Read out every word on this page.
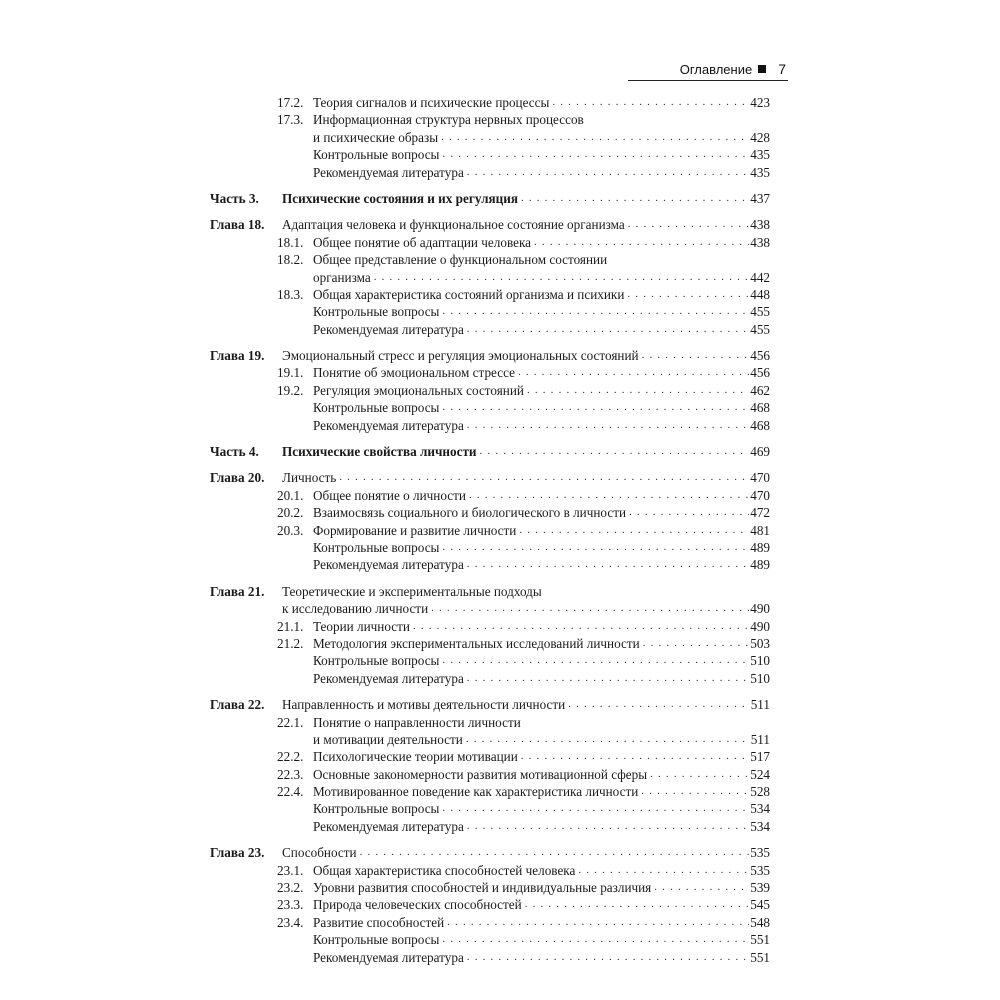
Оглавление 7
17.2. Теория сигналов и психические процессы . . .	423
17.3. Информационная структура нервных процессов
и психические образы . . .	428
Контрольные вопросы . . .	435
Рекомендуемая литература . . .	435
Часть 3. Психические состояния и их регуляция . . .	437
Глава 18. Адаптация человека и функциональное состояние организма . . .	438
18.1. Общее понятие об адаптации человека . . .	438
18.2. Общее представление о функциональном состоянии
организма . . .	442
18.3. Общая характеристика состояний организма и психики . . .	448
Контрольные вопросы . . .	455
Рекомендуемая литература . . .	455
Глава 19. Эмоциональный стресс и регуляция эмоциональных состояний . . .	456
19.1. Понятие об эмоциональном стрессе . . .	456
19.2. Регуляция эмоциональных состояний . . .	462
Контрольные вопросы . . .	468
Рекомендуемая литература . . .	468
Часть 4. Психические свойства личности . . .	469
Глава 20. Личность . . .	470
20.1. Общее понятие о личности . . .	470
20.2. Взаимосвязь социального и биологического в личности . . .	472
20.3. Формирование и развитие личности . . .	481
Контрольные вопросы . . .	489
Рекомендуемая литература . . .	489
Глава 21. Теоретические и экспериментальные подходы
к исследованию личности . . .	490
21.1. Теории личности . . .	490
21.2. Методология экспериментальных исследований личности . . .	503
Контрольные вопросы . . .	510
Рекомендуемая литература . . .	510
Глава 22. Направленность и мотивы деятельности личности . . .	511
22.1. Понятие о направленности личности
и мотивации деятельности . . .	511
22.2. Психологические теории мотивации . . .	517
22.3. Основные закономерности развития мотивационной сферы . . .	524
22.4. Мотивированное поведение как характеристика личности . . .	528
Контрольные вопросы . . .	534
Рекомендуемая литература . . .	534
Глава 23. Способности . . .	535
23.1. Общая характеристика способностей человека . . .	535
23.2. Уровни развития способностей и индивидуальные различия . . .	539
23.3. Природа человеческих способностей . . .	545
23.4. Развитие способностей . . .	548
Контрольные вопросы . . .	551
Рекомендуемая литература . . .	551
